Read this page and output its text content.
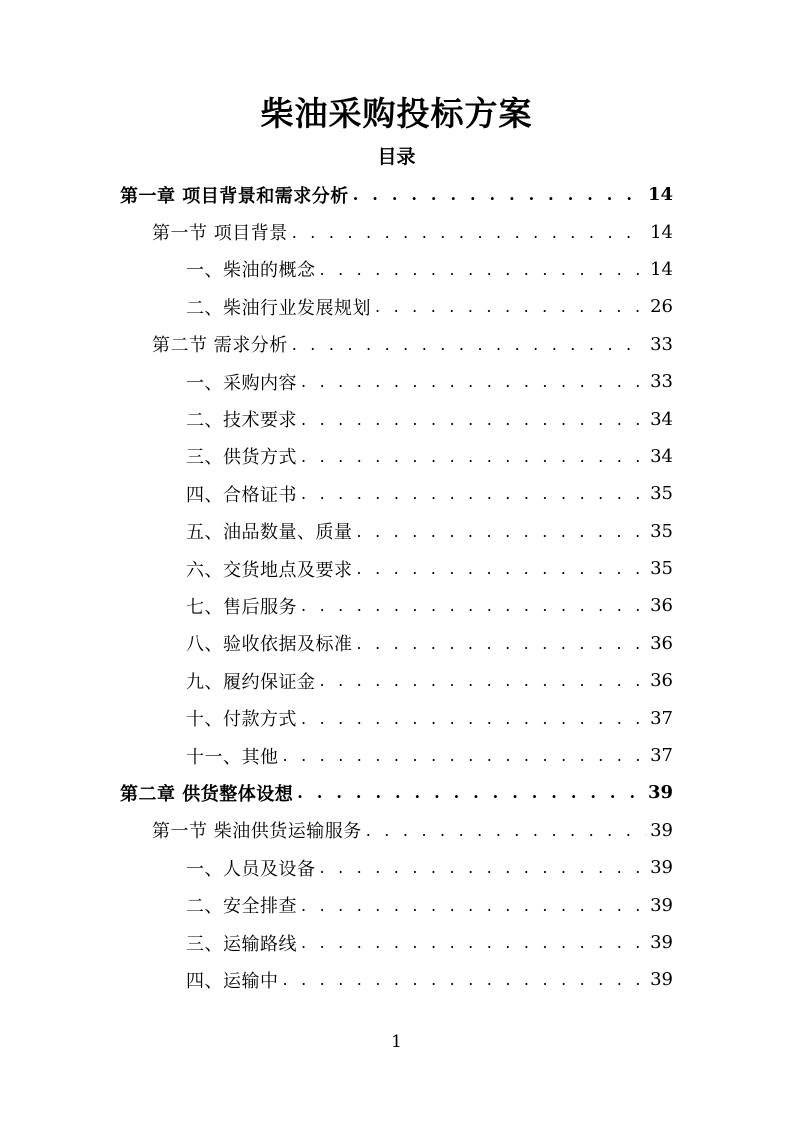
柴油采购投标方案
目录
第一章 项目背景和需求分析 . . .	14
第一节 项目背景 . . .	14
一、柴油的概念 . . .	14
二、柴油行业发展规划 . . .	26
第二节 需求分析 . . .	33
一、采购内容 . . .	33
二、技术要求 . . .	34
三、供货方式 . . .	34
四、合格证书 . . .	35
五、油品数量、质量 . . .	35
六、交货地点及要求 . . .	35
七、售后服务 . . .	36
八、验收依据及标准 . . .	36
九、履约保证金 . . .	36
十、付款方式 . . .	37
十一、其他 . . .	37
第二章 供货整体设想 . . .	39
第一节 柴油供货运输服务 . . .	39
一、人员及设备 . . .	39
二、安全排查 . . .	39
三、运输路线 . . .	39
四、运输中 . . .	39
1
